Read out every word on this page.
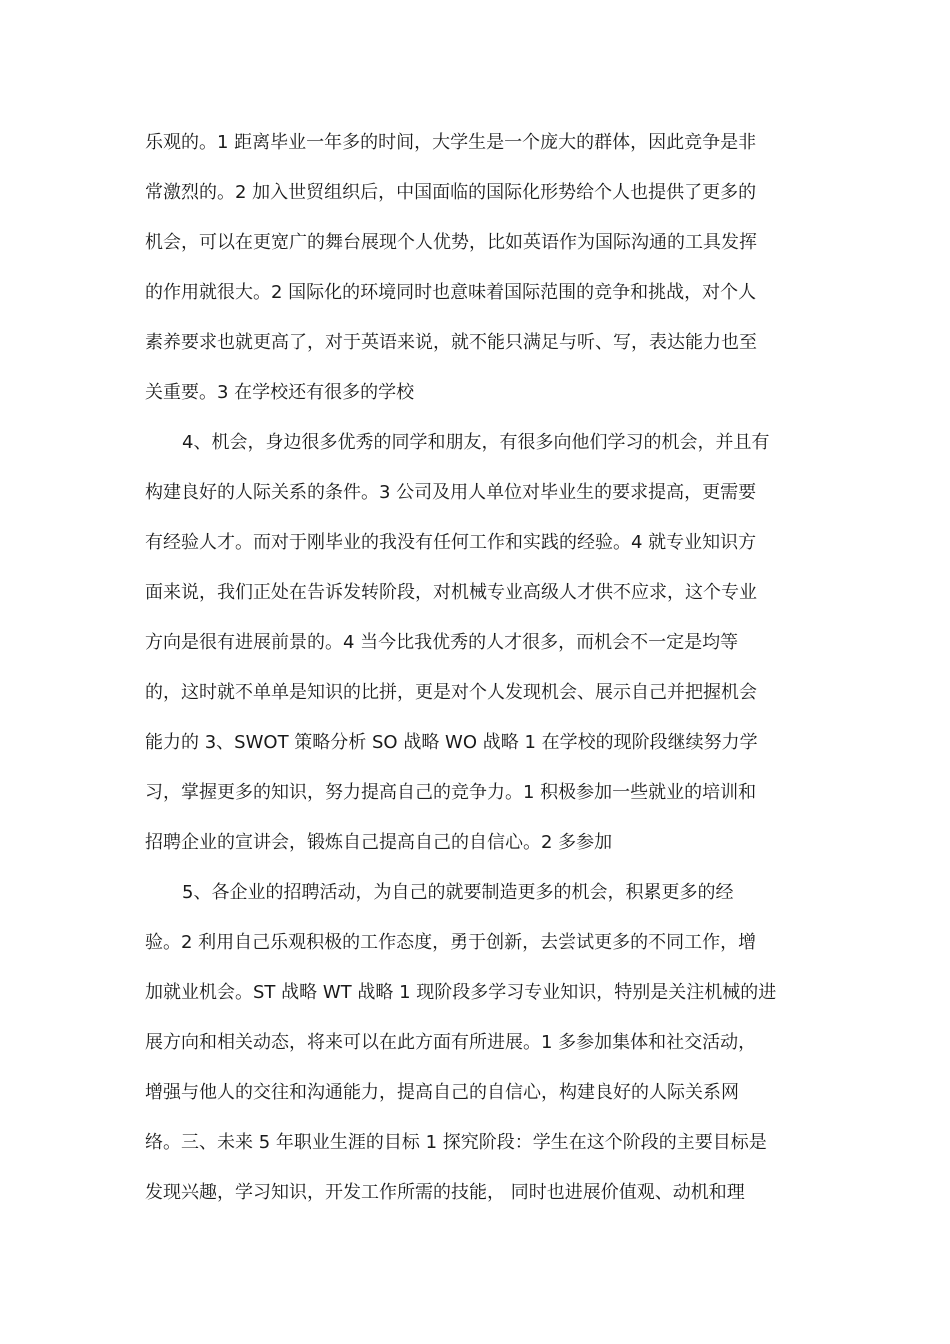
乐观的。1 距离毕业一年多的时间，大学生是一个庞大的群体，因此竞争是非
常激烈的。2 加入世贸组织后，中国面临的国际化形势给个人也提供了更多的
机会，可以在更宽广的舞台展现个人优势，比如英语作为国际沟通的工具发挥
的作用就很大。2 国际化的环境同时也意味着国际范围的竞争和挑战，对个人
素养要求也就更高了，对于英语来说，就不能只满足与听、写，表达能力也至
关重要。3 在学校还有很多的学校
4、机会，身边很多优秀的同学和朋友，有很多向他们学习的机会，并且有
构建良好的人际关系的条件。3 公司及用人单位对毕业生的要求提高，更需要
有经验人才。而对于刚毕业的我没有任何工作和实践的经验。4 就专业知识方
面来说，我们正处在告诉发转阶段，对机械专业高级人才供不应求，这个专业
方向是很有进展前景的。4 当今比我优秀的人才很多，而机会不一定是均等
的，这时就不单单是知识的比拼，更是对个人发现机会、展示自己并把握机会
能力的 3、SWOT 策略分析 SO 战略 WO 战略 1 在学校的现阶段继续努力学
习，掌握更多的知识，努力提高自己的竞争力。1 积极参加一些就业的培训和
招聘企业的宣讲会，锻炼自己提高自己的自信心。2 多参加
5、各企业的招聘活动，为自己的就要制造更多的机会，积累更多的经
验。2 利用自己乐观积极的工作态度，勇于创新，去尝试更多的不同工作，增
加就业机会。ST 战略 WT 战略 1 现阶段多学习专业知识，特别是关注机械的进
展方向和相关动态，将来可以在此方面有所进展。1 多参加集体和社交活动，
增强与他人的交往和沟通能力，提高自己的自信心，构建良好的人际关系网
络。三、未来 5 年职业生涯的目标 1 探究阶段：学生在这个阶段的主要目标是
发现兴趣，学习知识，开发工作所需的技能， 同时也进展价值观、动机和理
